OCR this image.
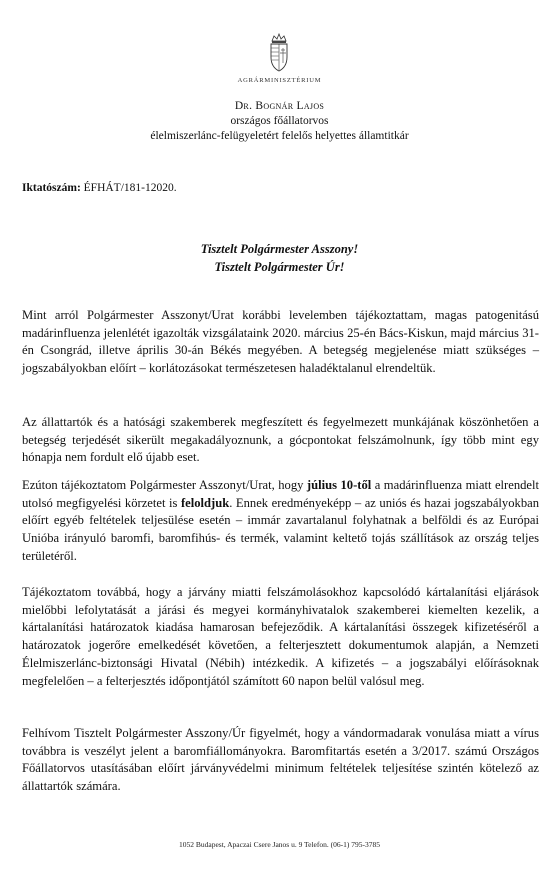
AGRÁRMINISZTÉRIUM
Dr. Bognár Lajos
országos főállatorvos
élelmiszerlánc-felügyeletért felelős helyettes államtitkár
Iktatószám: ÉFHÁT/181-12020.
Tisztelt Polgármester Asszony!
Tisztelt Polgármester Úr!
Mint arról Polgármester Asszonyt/Urat korábbi levelemben tájékoztattam, magas patogenitású madárinfluenza jelenlétét igazolták vizsgálataink 2020. március 25-én Bács-Kiskun, majd március 31-én Csongrád, illetve április 30-án Békés megyében. A betegség megjelenése miatt szükséges – jogszabályokban előírt – korlátozásokat természetesen haladéktalanul elrendeltük.
Az állattartók és a hatósági szakemberek megfeszített és fegyelmezett munkájának köszönhetően a betegség terjedését sikerült megakadályoznunk, a gócpontokat felszámolnunk, így több mint egy hónapja nem fordult elő újabb eset.
Ezúton tájékoztatom Polgármester Asszonyt/Urat, hogy július 10-től a madárinfluenza miatt elrendelt utolsó megfigyelési körzetet is feloldjuk. Ennek eredményeképp – az uniós és hazai jogszabályokban előírt egyéb feltételek teljesülése esetén – immár zavartalanul folyhatnak a belföldi és az Európai Unióba irányuló baromfi, baromfihús- és termék, valamint keltető tojás szállítások az ország teljes területéről.
Tájékoztatom továbbá, hogy a járvány miatti felszámolásokhoz kapcsolódó kártalanítási eljárások mielőbbi lefolytatását a járási és megyei kormányhivatalok szakemberei kiemelten kezelik, a kártalanítási határozatok kiadása hamarosan befejeződik. A kártalanítási összegek kifizetéséről a határozatok jogerőre emelkedését követően, a felterjesztett dokumentumok alapján, a Nemzeti Élelmiszerlánc-biztonsági Hivatal (Nébih) intézkedik. A kifizetés – a jogszabályi előírásoknak megfelelően – a felterjesztés időpontjától számított 60 napon belül valósul meg.
Felhívom Tisztelt Polgármester Asszony/Úr figyelmét, hogy a vándormadarak vonulása miatt a vírus továbbra is veszélyt jelent a baromfiállományokra. Baromfitartás esetén a 3/2017. számú Országos Főállatorvos utasításában előírt járványvédelmi minimum feltételek teljesítése szintén kötelező az állattartók számára.
1052 Budapest, Apaczai Csere Janos u. 9 Telefon. (06-1) 795-3785
